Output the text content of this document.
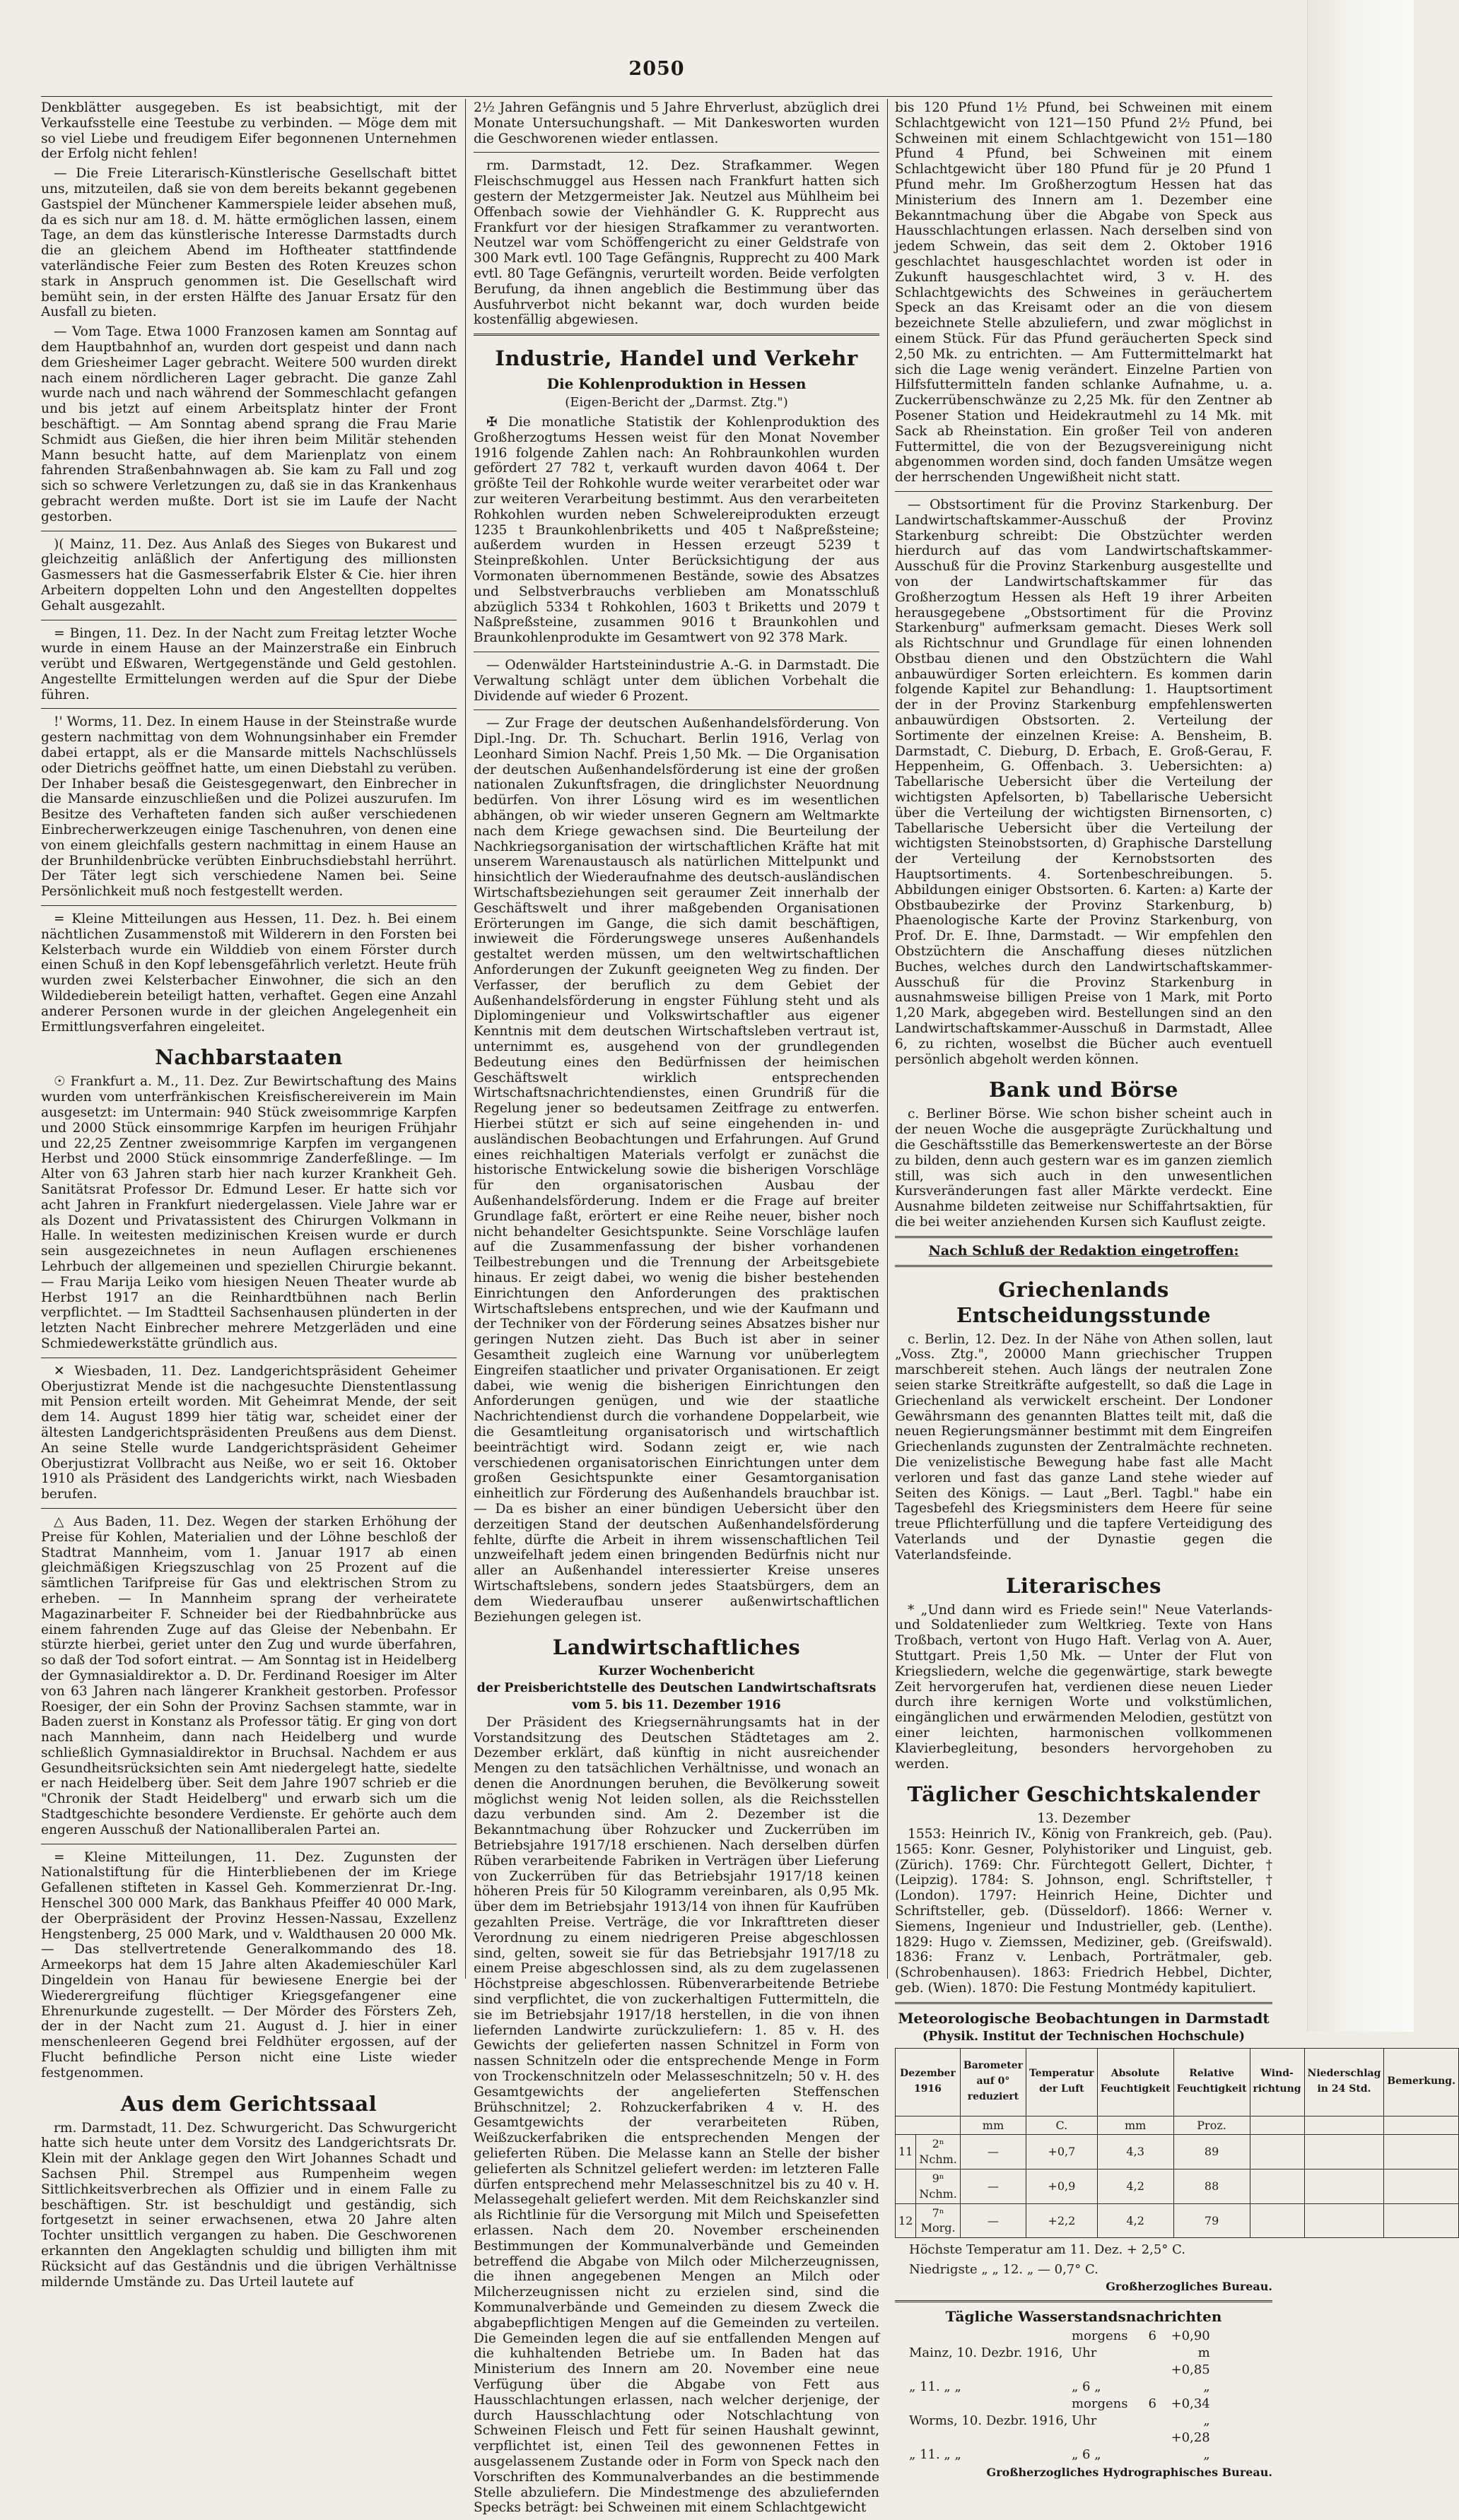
2050

Denkblätter ausgegeben. Es ist beabsichtigt, mit der Verkaufsstelle eine Teestube zu verbinden. — Möge dem mit so viel Liebe und freudigem Eifer begonnenen Unternehmen der Erfolg nicht fehlen!

— Die Freie Literarisch-Künstlerische Gesellschaft bittet uns, mitzuteilen, daß sie von dem bereits bekannt gegebenen Gastspiel der Münchener Kammerspiele leider absehen muß, da es sich nur am 18. d. M. hätte ermöglichen lassen, einem Tage, an dem das künstlerische Interesse Darmstadts durch die an gleichem Abend im Hoftheater stattfindende vaterländische Feier zum Besten des Roten Kreuzes schon stark in Anspruch genommen ist. Die Gesellschaft wird bemüht sein, in der ersten Hälfte des Januar Ersatz für den Ausfall zu bieten.

— Vom Tage. Etwa 1000 Franzosen kamen am Sonntag auf dem Hauptbahnhof an, wurden dort gespeist und dann nach dem Griesheimer Lager gebracht. Weitere 500 wurden direkt nach einem nördlicheren Lager gebracht. Die ganze Zahl wurde nach und nach während der Sommeschlacht gefangen und bis jetzt auf einem Arbeitsplatz hinter der Front beschäftigt. — Am Sonntag abend sprang die Frau Marie Schmidt aus Gießen, die hier ihren beim Militär stehenden Mann besucht hatte, auf dem Marienplatz von einem fahrenden Straßenbahnwagen ab. Sie kam zu Fall und zog sich so schwere Verletzungen zu, daß sie in das Krankenhaus gebracht werden mußte. Dort ist sie im Laufe der Nacht gestorben.

)( Mainz, 11. Dez. Aus Anlaß des Sieges von Bukarest und gleichzeitig anläßlich der Anfertigung des millionsten Gasmessers hat die Gasmesserfabrik Elster & Cie. hier ihren Arbeitern doppelten Lohn und den Angestellten doppeltes Gehalt ausgezahlt.

= Bingen, 11. Dez. In der Nacht zum Freitag letzter Woche wurde in einem Hause an der Mainzerstraße ein Einbruch verübt und Eßwaren, Wertgegenstände und Geld gestohlen. Angestellte Ermittelungen werden auf die Spur der Diebe führen.

!' Worms, 11. Dez. In einem Hause in der Steinstraße wurde gestern nachmittag von dem Wohnungsinhaber ein Fremder dabei ertappt, als er die Mansarde mittels Nachschlüssels oder Dietrichs geöffnet hatte, um einen Diebstahl zu verüben. Der Inhaber besaß die Geistesgegenwart, den Einbrecher in die Mansarde einzuschließen und die Polizei auszurufen. Im Besitze des Verhafteten fanden sich außer verschiedenen Einbrecherwerkzeugen einige Taschenuhren, von denen eine von einem gleichfalls gestern nachmittag in einem Hause an der Brunhildenbrücke verübten Einbruchsdiebstahl herrührt. Der Täter legt sich verschiedene Namen bei. Seine Persönlichkeit muß noch festgestellt werden.

= Kleine Mitteilungen aus Hessen, 11. Dez. h. Bei einem nächtlichen Zusammenstoß mit Wilderern in den Forsten bei Kelsterbach wurde ein Wilddieb von einem Förster durch einen Schuß in den Kopf lebensgefährlich verletzt. Heute früh wurden zwei Kelsterbacher Einwohner, die sich an den Wildedieberein beteiligt hatten, verhaftet. Gegen eine Anzahl anderer Personen wurde in der gleichen Angelegenheit ein Ermittlungsverfahren eingeleitet.

Nachbarstaaten

☉ Frankfurt a. M., 11. Dez. Zur Bewirtschaftung des Mains wurden vom unterfränkischen Kreisfischereiverein im Main ausgesetzt: im Untermain: 940 Stück zweisommrige Karpfen und 2000 Stück einsommrige Karpfen im heurigen Frühjahr und 22,25 Zentner zweisommrige Karpfen im vergangenen Herbst und 2000 Stück einsommrige Zanderfeßlinge. — Im Alter von 63 Jahren starb hier nach kurzer Krankheit Geh. Sanitätsrat Professor Dr. Edmund Leser. Er hatte sich vor acht Jahren in Frankfurt niedergelassen. Viele Jahre war er als Dozent und Privatassistent des Chirurgen Volkmann in Halle. In weitesten medizinischen Kreisen wurde er durch sein ausgezeichnetes in neun Auflagen erschienenes Lehrbuch der allgemeinen und speziellen Chirurgie bekannt. — Frau Marija Leiko vom hiesigen Neuen Theater wurde ab Herbst 1917 an die Reinhardtbühnen nach Berlin verpflichtet. — Im Stadtteil Sachsenhausen plünderten in der letzten Nacht Einbrecher mehrere Metzgerläden und eine Schmiedewerkstätte gründlich aus.

✕ Wiesbaden, 11. Dez. Landgerichtspräsident Geheimer Oberjustizrat Mende ist die nachgesuchte Dienstentlassung mit Pension erteilt worden. Mit Geheimrat Mende, der seit dem 14. August 1899 hier tätig war, scheidet einer der ältesten Landgerichtspräsidenten Preußens aus dem Dienst. An seine Stelle wurde Landgerichtspräsident Geheimer Oberjustizrat Vollbracht aus Neiße, wo er seit 16. Oktober 1910 als Präsident des Landgerichts wirkt, nach Wiesbaden berufen.

△ Aus Baden, 11. Dez. Wegen der starken Erhöhung der Preise für Kohlen, Materialien und der Löhne beschloß der Stadtrat Mannheim, vom 1. Januar 1917 ab einen gleichmäßigen Kriegszuschlag von 25 Prozent auf die sämtlichen Tarifpreise für Gas und elektrischen Strom zu erheben. — In Mannheim sprang der verheiratete Magazinarbeiter F. Schneider bei der Riedbahnbrücke aus einem fahrenden Zuge auf das Gleise der Nebenbahn. Er stürzte hierbei, geriet unter den Zug und wurde überfahren, so daß der Tod sofort eintrat. — Am Sonntag ist in Heidelberg der Gymnasialdirektor a. D. Dr. Ferdinand Roesiger im Alter von 63 Jahren nach längerer Krankheit gestorben. Professor Roesiger, der ein Sohn der Provinz Sachsen stammte, war in Baden zuerst in Konstanz als Professor tätig. Er ging von dort nach Mannheim, dann nach Heidelberg und wurde schließlich Gymnasialdirektor in Bruchsal. Nachdem er aus Gesundheitsrücksichten sein Amt niedergelegt hatte, siedelte er nach Heidelberg über. Seit dem Jahre 1907 schrieb er die "Chronik der Stadt Heidelberg" und erwarb sich um die Stadtgeschichte besondere Verdienste. Er gehörte auch dem engeren Ausschuß der Nationalliberalen Partei an.

= Kleine Mitteilungen, 11. Dez. Zugunsten der Nationalstiftung für die Hinterbliebenen der im Kriege Gefallenen stifteten in Kassel Geh. Kommerzienrat Dr.-Ing. Henschel 300 000 Mark, das Bankhaus Pfeiffer 40 000 Mark, der Oberpräsident der Provinz Hessen-Nassau, Exzellenz Hengstenberg, 25 000 Mark, und v. Waldthausen 20 000 Mk. — Das stellvertretende Generalkommando des 18. Armeekorps hat dem 15 Jahre alten Akademieschüler Karl Dingeldein von Hanau für bewiesene Energie bei der Wiederergreifung flüchtiger Kriegsgefangener eine Ehrenurkunde zugestellt. — Der Mörder des Försters Zeh, der in der Nacht zum 21. August d. J. hier in einer menschenleeren Gegend brei Feldhüter ergossen, auf der Flucht befindliche Person nicht eine Liste wieder festgenommen.

Aus dem Gerichtssaal

rm. Darmstadt, 11. Dez. Schwurgericht. Das Schwurgericht hatte sich heute unter dem Vorsitz des Landgerichtsrats Dr. Klein mit der Anklage gegen den Wirt Johannes Schadt und Sachsen Phil. Strempel aus Rumpenheim wegen Sittlichkeitsverbrechen als Offizier und in einem Falle zu beschäftigen. Str. ist beschuldigt und geständig, sich fortgesetzt in seiner erwachsenen, etwa 20 Jahre alten Tochter unsittlich vergangen zu haben. Die Geschworenen erkannten den Angeklagten schuldig und billigten ihm mit Rücksicht auf das Geständnis und die übrigen Verhältnisse mildernde Umstände zu. Das Urteil lautete auf

2½ Jahren Gefängnis und 5 Jahre Ehrverlust, abzüglich drei Monate Untersuchungshaft. — Mit Dankesworten wurden die Geschworenen wieder entlassen.

rm. Darmstadt, 12. Dez. Strafkammer. Wegen Fleischschmuggel aus Hessen nach Frankfurt hatten sich gestern der Metzgermeister Jak. Neutzel aus Mühlheim bei Offenbach sowie der Viehhändler G. K. Rupprecht aus Frankfurt vor der hiesigen Strafkammer zu verantworten. Neutzel war vom Schöffengericht zu einer Geldstrafe von 300 Mark evtl. 100 Tage Gefängnis, Rupprecht zu 400 Mark evtl. 80 Tage Gefängnis, verurteilt worden. Beide verfolgten Berufung, da ihnen angeblich die Bestimmung über das Ausfuhrverbot nicht bekannt war, doch wurden beide kostenfällig abgewiesen.

Industrie, Handel und Verkehr
Die Kohlenproduktion in Hessen
(Eigen-Bericht der „Darmst. Ztg.")

✠ Die monatliche Statistik der Kohlenproduktion des Großherzogtums Hessen weist für den Monat November 1916 folgende Zahlen nach: An Rohbraunkohlen wurden gefördert 27 782 t, verkauft wurden davon 4064 t. Der größte Teil der Rohkohle wurde weiter verarbeitet oder war zur weiteren Verarbeitung bestimmt. Aus den verarbeiteten Rohkohlen wurden neben Schwelereiprodukten erzeugt 1235 t Braunkohlenbriketts und 405 t Naßpreßsteine; außerdem wurden in Hessen erzeugt 5239 t Steinpreßkohlen. Unter Berücksichtigung der aus Vormonaten übernommenen Bestände, sowie des Absatzes und Selbstverbrauchs verblieben am Monatsschluß abzüglich 5334 t Rohkohlen, 1603 t Briketts und 2079 t Naßpreßsteine, zusammen 9016 t Braunkohlen und Braunkohlenprodukte im Gesamtwert von 92 378 Mark.

— Odenwälder Hartsteinindustrie A.-G. in Darmstadt. Die Verwaltung schlägt unter dem üblichen Vorbehalt die Dividende auf wieder 6 Prozent.

— Zur Frage der deutschen Außenhandelsförderung. Von Dipl.-Ing. Dr. Th. Schuchart. Berlin 1916, Verlag von Leonhard Simion Nachf. Preis 1,50 Mk. — Die Organisation der deutschen Außenhandelsförderung ist eine der großen nationalen Zukunftsfragen, die dringlichster Neuordnung bedürfen. Von ihrer Lösung wird es im wesentlichen abhängen, ob wir wieder unseren Gegnern am Weltmarkte nach dem Kriege gewachsen sind. Die Beurteilung der Nachkriegsorganisation der wirtschaftlichen Kräfte hat mit unserem Warenaustausch als natürlichen Mittelpunkt und hinsichtlich der Wiederaufnahme des deutsch-ausländischen Wirtschaftsbeziehungen seit geraumer Zeit innerhalb der Geschäftswelt und ihrer maßgebenden Organisationen Erörterungen im Gange, die sich damit beschäftigen, inwieweit die Förderungswege unseres Außenhandels gestaltet werden müssen, um den weltwirtschaftlichen Anforderungen der Zukunft geeigneten Weg zu finden. Der Verfasser, der beruflich zu dem Gebiet der Außenhandelsförderung in engster Fühlung steht und als Diplomingenieur und Volkswirtschaftler aus eigener Kenntnis mit dem deutschen Wirtschaftsleben vertraut ist, unternimmt es, ausgehend von der grundlegenden Bedeutung eines den Bedürfnissen der heimischen Geschäftswelt wirklich entsprechenden Wirtschaftsnachrichtendienstes, einen Grundriß für die Regelung jener so bedeutsamen Zeitfrage zu entwerfen. Hierbei stützt er sich auf seine eingehenden in- und ausländischen Beobachtungen und Erfahrungen. Auf Grund eines reichhaltigen Materials verfolgt er zunächst die historische Entwickelung sowie die bisherigen Vorschläge für den organisatorischen Ausbau der Außenhandelsförderung. Indem er die Frage auf breiter Grundlage faßt, erörtert er eine Reihe neuer, bisher noch nicht behandelter Gesichtspunkte. Seine Vorschläge laufen auf die Zusammenfassung der bisher vorhandenen Teilbestrebungen und die Trennung der Arbeitsgebiete hinaus. Er zeigt dabei, wo wenig die bisher bestehenden Einrichtungen den Anforderungen des praktischen Wirtschaftslebens entsprechen, und wie der Kaufmann und der Techniker von der Förderung seines Absatzes bisher nur geringen Nutzen zieht. Das Buch ist aber in seiner Gesamtheit zugleich eine Warnung vor unüberlegtem Eingreifen staatlicher und privater Organisationen. Er zeigt dabei, wie wenig die bisherigen Einrichtungen den Anforderungen genügen, und wie der staatliche Nachrichtendienst durch die vorhandene Doppelarbeit, wie die Gesamtleitung organisatorisch und wirtschaftlich beeinträchtigt wird. Sodann zeigt er, wie nach verschiedenen organisatorischen Einrichtungen unter dem großen Gesichtspunkte einer Gesamtorganisation einheitlich zur Förderung des Außenhandels brauchbar ist. — Da es bisher an einer bündigen Uebersicht über den derzeitigen Stand der deutschen Außenhandelsförderung fehlte, dürfte die Arbeit in ihrem wissenschaftlichen Teil unzweifelhaft jedem einen bringenden Bedürfnis nicht nur aller an Außenhandel interessierter Kreise unseres Wirtschaftslebens, sondern jedes Staatsbürgers, dem an dem Wiederaufbau unserer außenwirtschaftlichen Beziehungen gelegen ist.

Landwirtschaftliches
Kurzer Wochenbericht
der Preisberichtstelle des Deutschen Landwirtschaftsrats
vom 5. bis 11. Dezember 1916

Der Präsident des Kriegsernährungsamts hat in der Vorstandsitzung des Deutschen Städtetages am 2. Dezember erklärt, daß künftig in nicht ausreichender Mengen zu den tatsächlichen Verhältnisse, und wonach an denen die Anordnungen beruhen, die Bevölkerung soweit möglichst wenig Not leiden sollen, als die Reichsstellen dazu verbunden sind. Am 2. Dezember ist die Bekanntmachung über Rohzucker und Zuckerrüben im Betriebsjahre 1917/18 erschienen. Nach derselben dürfen Rüben verarbeitende Fabriken in Verträgen über Lieferung von Zuckerrüben für das Betriebsjahr 1917/18 keinen höheren Preis für 50 Kilogramm vereinbaren, als 0,95 Mk. über dem im Betriebsjahr 1913/14 von ihnen für Kaufrüben gezahlten Preise. Verträge, die vor Inkrafttreten dieser Verordnung zu einem niedrigeren Preise abgeschlossen sind, gelten, soweit sie für das Betriebsjahr 1917/18 zu einem Preise abgeschlossen sind, als zu dem zugelassenen Höchstpreise abgeschlossen. Rübenverarbeitende Betriebe sind verpflichtet, die von zuckerhaltigen Futtermitteln, die sie im Betriebsjahr 1917/18 herstellen, in die von ihnen liefernden Landwirte zurückzuliefern: 1. 85 v. H. des Gewichts der gelieferten nassen Schnitzel in Form von nassen Schnitzeln oder die entsprechende Menge in Form von Trockenschnitzeln oder Melasseschnitzeln; 50 v. H. des Gesamtgewichts der angelieferten Steffenschen Brühschnitzel; 2. Rohzuckerfabriken 4 v. H. des Gesamtgewichts der verarbeiteten Rüben, Weißzuckerfabriken die entsprechenden Mengen der gelieferten Rüben. Die Melasse kann an Stelle der bisher gelieferten als Schnitzel geliefert werden: im letzteren Falle dürfen entsprechend mehr Melasseschnitzel bis zu 40 v. H. Melassegehalt geliefert werden. Mit dem Reichskanzler sind als Richtlinie für die Versorgung mit Milch und Speisefetten erlassen. Nach dem 20. November erscheinenden Bestimmungen der Kommunalverbände und Gemeinden betreffend die Abgabe von Milch oder Milcherzeugnissen, die ihnen angegebenen Mengen an Milch oder Milcherzeugnissen nicht zu erzielen sind, sind die Kommunalverbände und Gemeinden zu diesem Zweck die abgabepflichtigen Mengen auf die Gemeinden zu verteilen. Die Gemeinden legen die auf sie entfallenden Mengen auf die kuhhaltenden Betriebe um. In Baden hat das Ministerium des Innern am 20. November eine neue Verfügung über die Abgabe von Fett aus Hausschlachtungen erlassen, nach welcher derjenige, der durch Hausschlachtung oder Notschlachtung von Schweinen Fleisch und Fett für seinen Haushalt gewinnt, verpflichtet ist, einen Teil des gewonnenen Fettes in ausgelassenem Zustande oder in Form von Speck nach den Vorschriften des Kommunalverbandes an die bestimmende Stelle abzuliefern. Die Mindestmenge des abzuliefernden Specks beträgt: bei Schweinen mit einem Schlachtgewicht

bis 120 Pfund 1½ Pfund, bei Schweinen mit einem Schlachtgewicht von 121—150 Pfund 2½ Pfund, bei Schweinen mit einem Schlachtgewicht von 151—180 Pfund 4 Pfund, bei Schweinen mit einem Schlachtgewicht über 180 Pfund für je 20 Pfund 1 Pfund mehr. Im Großherzogtum Hessen hat das Ministerium des Innern am 1. Dezember eine Bekanntmachung über die Abgabe von Speck aus Hausschlachtungen erlassen. Nach derselben sind von jedem Schwein, das seit dem 2. Oktober 1916 geschlachtet hausgeschlachtet worden ist oder in Zukunft hausgeschlachtet wird, 3 v. H. des Schlachtgewichts des Schweines in geräuchertem Speck an das Kreisamt oder an die von diesem bezeichnete Stelle abzuliefern, und zwar möglichst in einem Stück. Für das Pfund geräucherten Speck sind 2,50 Mk. zu entrichten. — Am Futtermittelmarkt hat sich die Lage wenig verändert. Einzelne Partien von Hilfsfuttermitteln fanden schlanke Aufnahme, u. a. Zuckerrübenschwänze zu 2,25 Mk. für den Zentner ab Posener Station und Heidekrautmehl zu 14 Mk. mit Sack ab Rheinstation. Ein großer Teil von anderen Futtermittel, die von der Bezugsvereinigung nicht abgenommen worden sind, doch fanden Umsätze wegen der herrschenden Ungewißheit nicht statt.

— Obstsortiment für die Provinz Starkenburg. Der Landwirtschaftskammer-Ausschuß der Provinz Starkenburg schreibt: Die Obstzüchter werden hierdurch auf das vom Landwirtschaftskammer-Ausschuß für die Provinz Starkenburg ausgestellte und von der Landwirtschaftskammer für das Großherzogtum Hessen als Heft 19 ihrer Arbeiten herausgegebene „Obstsortiment für die Provinz Starkenburg" aufmerksam gemacht. Dieses Werk soll als Richtschnur und Grundlage für einen lohnenden Obstbau dienen und den Obstzüchtern die Wahl anbauwürdiger Sorten erleichtern. Es kommen darin folgende Kapitel zur Behandlung: 1. Hauptsortiment der in der Provinz Starkenburg empfehlenswerten anbauwürdigen Obstsorten. 2. Verteilung der Sortimente der einzelnen Kreise: A. Bensheim, B. Darmstadt, C. Dieburg, D. Erbach, E. Groß-Gerau, F. Heppenheim, G. Offenbach. 3. Uebersichten: a) Tabellarische Uebersicht über die Verteilung der wichtigsten Apfelsorten, b) Tabellarische Uebersicht über die Verteilung der wichtigsten Birnensorten, c) Tabellarische Uebersicht über die Verteilung der wichtigsten Steinobstsorten, d) Graphische Darstellung der Verteilung der Kernobstsorten des Hauptsortiments. 4. Sortenbeschreibungen. 5. Abbildungen einiger Obstsorten. 6. Karten: a) Karte der Obstbaubezirke der Provinz Starkenburg, b) Phaenologische Karte der Provinz Starkenburg, von Prof. Dr. E. Ihne, Darmstadt. — Wir empfehlen den Obstzüchtern die Anschaffung dieses nützlichen Buches, welches durch den Landwirtschaftskammer-Ausschuß für die Provinz Starkenburg in ausnahmsweise billigen Preise von 1 Mark, mit Porto 1,20 Mark, abgegeben wird. Bestellungen sind an den Landwirtschaftskammer-Ausschuß in Darmstadt, Allee 6, zu richten, woselbst die Bücher auch eventuell persönlich abgeholt werden können.

Bank und Börse

c. Berliner Börse. Wie schon bisher scheint auch in der neuen Woche die ausgeprägte Zurückhaltung und die Geschäftsstille das Bemerkenswerteste an der Börse zu bilden, denn auch gestern war es im ganzen ziemlich still, was sich auch in den unwesentlichen Kursveränderungen fast aller Märkte verdeckt. Eine Ausnahme bildeten zeitweise nur Schiffahrtsaktien, für die bei weiter anziehenden Kursen sich Kauflust zeigte.

Nach Schluß der Redaktion eingetroffen:
Griechenlands Entscheidungsstunde

c. Berlin, 12. Dez. In der Nähe von Athen sollen, laut „Voss. Ztg.", 20000 Mann griechischer Truppen marschbereit stehen. Auch längs der neutralen Zone seien starke Streitkräfte aufgestellt, so daß die Lage in Griechenland als verwickelt erscheint. Der Londoner Gewährsmann des genannten Blattes teilt mit, daß die neuen Regierungsmänner bestimmt mit dem Eingreifen Griechenlands zugunsten der Zentralmächte rechneten. Die venizelistische Bewegung habe fast alle Macht verloren und fast das ganze Land stehe wieder auf Seiten des Königs. — Laut „Berl. Tagbl." habe ein Tagesbefehl des Kriegsministers dem Heere für seine treue Pflichterfüllung und die tapfere Verteidigung des Vaterlands und der Dynastie gegen die Vaterlandsfeinde.

Literarisches

* „Und dann wird es Friede sein!" Neue Vaterlands- und Soldatenlieder zum Weltkrieg. Texte von Hans Troßbach, vertont von Hugo Haft. Verlag von A. Auer, Stuttgart. Preis 1,50 Mk. — Unter der Flut von Kriegsliedern, welche die gegenwärtige, stark bewegte Zeit hervorgerufen hat, verdienen diese neuen Lieder durch ihre kernigen Worte und volkstümlichen, eingänglichen und erwärmenden Melodien, gestützt von einer leichten, harmonischen vollkommenen Klavierbegleitung, besonders hervorgehoben zu werden.

Täglicher Geschichtskalender
13. Dezember

1553: Heinrich IV., König von Frankreich, geb. (Pau). 1565: Konr. Gesner, Polyhistoriker und Linguist, geb. (Zürich). 1769: Chr. Fürchtegott Gellert, Dichter, † (Leipzig). 1784: S. Johnson, engl. Schriftsteller, † (London). 1797: Heinrich Heine, Dichter und Schriftsteller, geb. (Düsseldorf). 1866: Werner v. Siemens, Ingenieur und Industrieller, geb. (Lenthe). 1829: Hugo v. Ziemssen, Mediziner, geb. (Greifswald). 1836: Franz v. Lenbach, Porträtmaler, geb. (Schrobenhausen). 1863: Friedrich Hebbel, Dichter, geb. (Wien). 1870: Die Festung Montmédy kapituliert.

Meteorologische Beobachtungen in Darmstadt
(Physik. Institut der Technischen Hochschule)
Dezember
1916		Barometer auf 0° reduziert	Temperatur der Luft	Absolute Feuchtigkeit	Relative Feuchtigkeit	Wind-richtung	Niederschlag in 24 Std.	Bemerkung.
		mm	C.	mm	Proz.			
11	2ⁿ Nchm.	—	+0,7	4,3	89			
	9ⁿ Nchm.	—	+0,9	4,2	88			
12	7ⁿ Morg.	—	+2,2	4,2	79			
Höchste Temperatur am 11. Dez. + 2,5° C.
Niedrigste „ „ 12. „ — 0,7° C.
Großherzogliches Bureau.
Tägliche Wasserstandsnachrichten
Mainz, 10. Dezbr. 1916,morgens 6 Uhr +0,90 m
„ 11. „ „	„ 6 „ +0,85 „
Worms, 10. Dezbr. 1916,morgens 6 Uhr +0,34 „
„ 11. „ „	„ 6 „ +0,28 „
Großherzogliches Hydrographisches Bureau.
